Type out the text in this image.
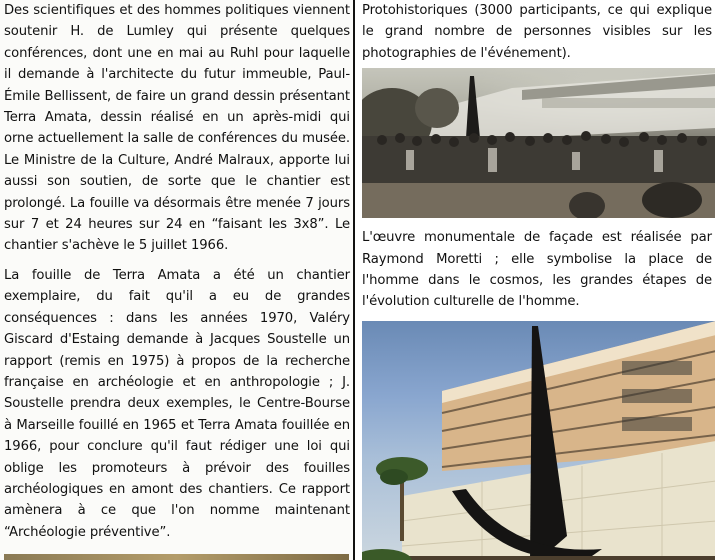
Des scientifiques et des hommes politiques viennent soutenir H. de Lumley qui présente quelques conférences, dont une en mai au Ruhl pour laquelle il demande à l'architecte du futur immeuble, Paul-Émile Bellissent, de faire un grand dessin présentant Terra Amata, dessin réalisé en un après-midi qui orne actuellement la salle de conférences du musée. Le Ministre de la Culture, André Malraux, apporte lui aussi son soutien, de sorte que le chantier est prolongé. La fouille va désormais être menée 7 jours sur 7 et 24 heures sur 24 en “faisant les 3x8”. Le chantier s'achève le 5 juillet 1966.

La fouille de Terra Amata a été un chantier exemplaire, du fait qu'il a eu de grandes conséquences : dans les années 1970, Valéry Giscard d'Estaing demande à Jacques Soustelle un rapport (remis en 1975) à propos de la recherche française en archéologie et en anthropologie ; J. Soustelle prendra deux exemples, le Centre-Bourse à Marseille fouillé en 1965 et Terra Amata fouillée en 1966, pour conclure qu'il faut rédiger une loi qui oblige les promoteurs à prévoir des fouilles archéologiques en amont des chantiers. Ce rapport amènera à ce que l'on nomme maintenant “Archéologie préventive”.

Protohistoriques (3000 participants, ce qui explique le grand nombre de personnes visibles sur les photographies de l'événement).

L'œuvre monumentale de façade est réalisée par Raymond Moretti ; elle symbolise la place de l'homme dans le cosmos, les grandes étapes de l'évolution culturelle de l'homme.
